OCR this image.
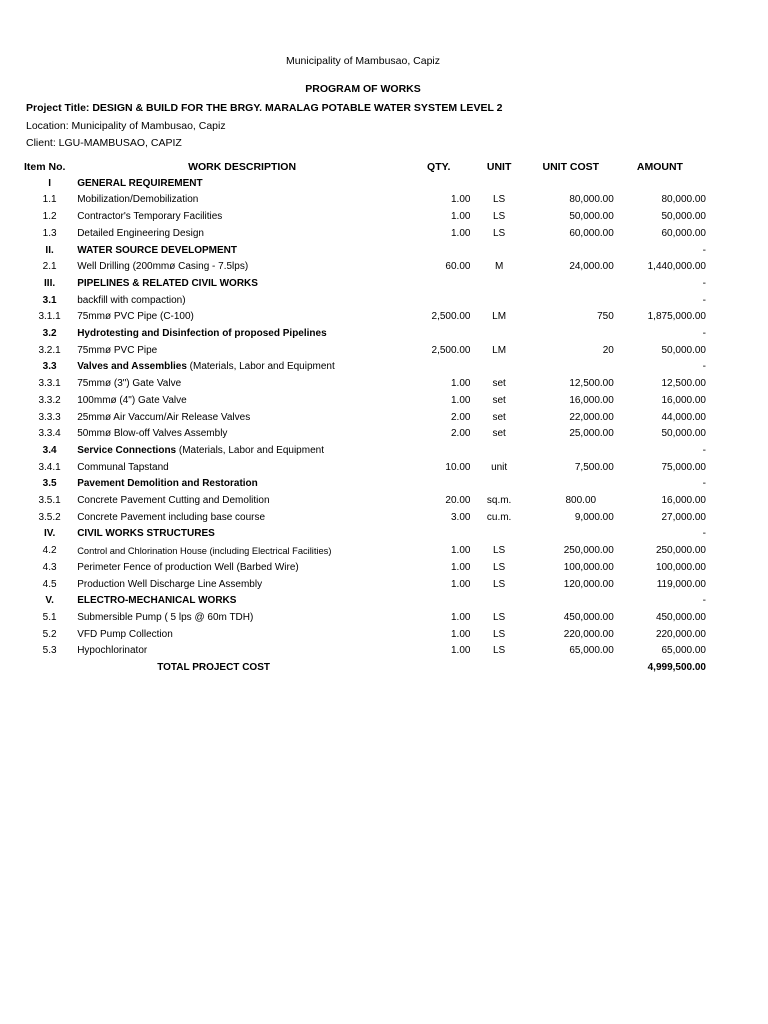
Municipality of Mambusao, Capiz
PROGRAM OF WORKS
Project Title: DESIGN & BUILD FOR THE BRGY. MARALAG POTABLE WATER SYSTEM LEVEL 2
Location: Municipality of Mambusao, Capiz
Client: LGU-MAMBUSAO, CAPIZ
Item No.	WORK DESCRIPTION	QTY.	UNIT	UNIT COST	AMOUNT
I	GENERAL REQUIREMENT				
1.1	Mobilization/Demobilization	1.00	LS	80,000.00	80,000.00
1.2	Contractor's Temporary Facilities	1.00	LS	50,000.00	50,000.00
1.3	Detailed Engineering Design	1.00	LS	60,000.00	60,000.00
II.	WATER SOURCE DEVELOPMENT				-
2.1	Well Drilling (200mmø Casing - 7.5lps)	60.00	M	24,000.00	1,440,000.00
III.	PIPELINES & RELATED CIVIL WORKS				-
3.1	backfill with compaction)				-
3.1.1	75mmø PVC Pipe (C-100)	2,500.00	LM	750	1,875,000.00
3.2	Hydrotesting and Disinfection of proposed Pipelines				-
3.2.1	75mmø PVC Pipe	2,500.00	LM	20	50,000.00
3.3	Valves and Assemblies (Materials, Labor and Equipment				-
3.3.1	75mmø (3") Gate Valve	1.00	set	12,500.00	12,500.00
3.3.2	100mmø (4") Gate Valve	1.00	set	16,000.00	16,000.00
3.3.3	25mmø Air Vaccum/Air Release Valves	2.00	set	22,000.00	44,000.00
3.3.4	50mmø Blow-off Valves Assembly	2.00	set	25,000.00	50,000.00
3.4	Service Connections (Materials, Labor and Equipment				-
3.4.1	Communal Tapstand	10.00	unit	7,500.00	75,000.00
3.5	Pavement Demolition and Restoration				-
3.5.1	Concrete Pavement Cutting and Demolition	20.00	sq.m.	800.00	16,000.00
3.5.2	Concrete Pavement including base course	3.00	cu.m.	9,000.00	27,000.00
IV.	CIVIL WORKS STRUCTURES				-
4.2	Control and Chlorination House (including Electrical Facilities)	1.00	LS	250,000.00	250,000.00
4.3	Perimeter Fence of production Well (Barbed Wire)	1.00	LS	100,000.00	100,000.00
4.5	Production Well Discharge Line Assembly	1.00	LS	120,000.00	119,000.00
V.	ELECTRO-MECHANICAL WORKS				-
5.1	Submersible Pump ( 5 lps @ 60m TDH)	1.00	LS	450,000.00	450,000.00
5.2	VFD Pump Collection	1.00	LS	220,000.00	220,000.00
5.3	Hypochlorinator	1.00	LS	65,000.00	65,000.00
	TOTAL PROJECT COST				4,999,500.00
